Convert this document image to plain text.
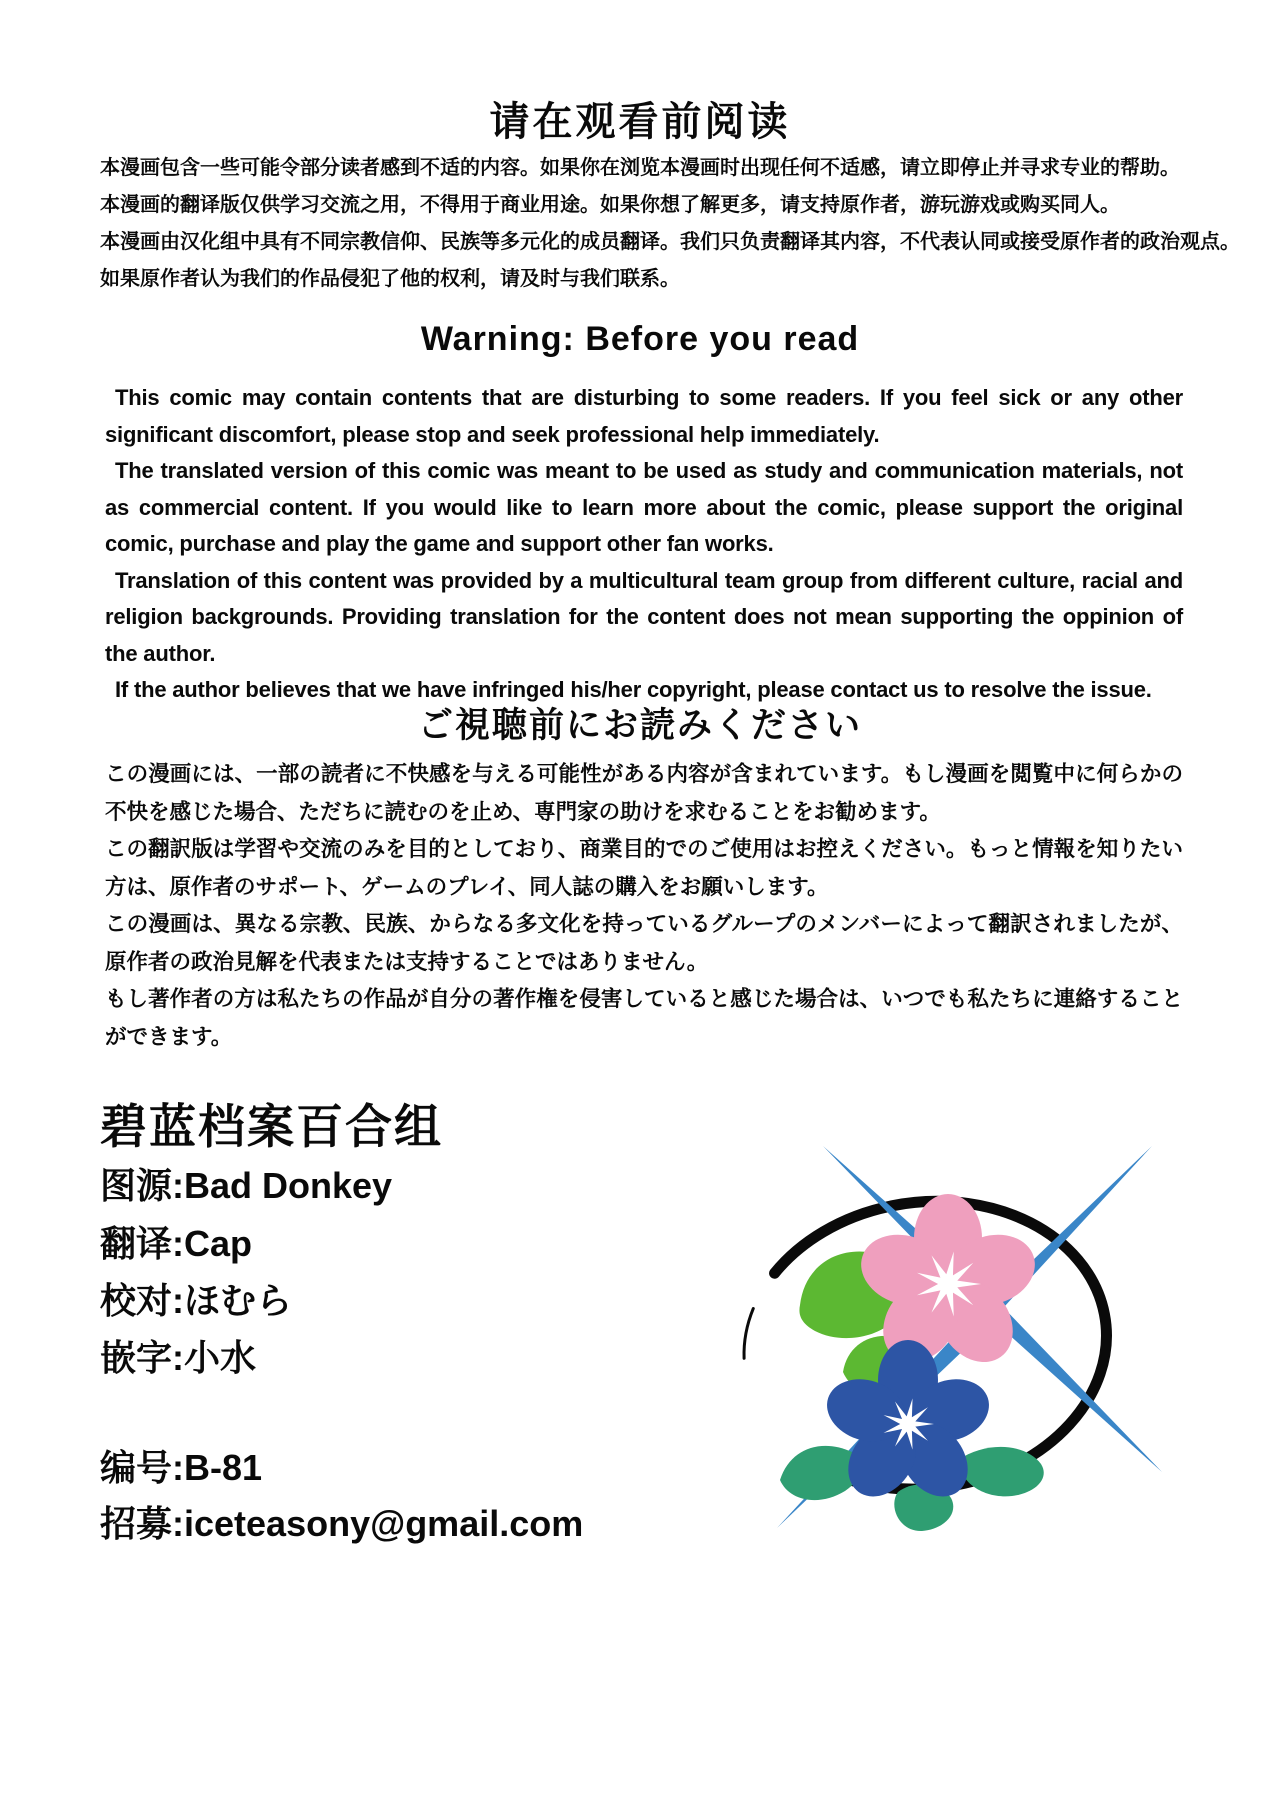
请在观看前阅读

本漫画包含一些可能令部分读者感到不适的内容。如果你在浏览本漫画时出现任何不适感，请立即停止并寻求专业的帮助。

本漫画的翻译版仅供学习交流之用，不得用于商业用途。如果你想了解更多，请支持原作者，游玩游戏或购买同人。

本漫画由汉化组中具有不同宗教信仰、民族等多元化的成员翻译。我们只负责翻译其内容，不代表认同或接受原作者的政治观点。

如果原作者认为我们的作品侵犯了他的权利，请及时与我们联系。

Warning: Before you read

This comic may contain contents that are disturbing to some readers. If you feel sick or any other significant discomfort, please stop and seek professional help immediately.

The translated version of this comic was meant to be used as study and communication materials, not as commercial content. If you would like to learn more about the comic, please support the original comic, purchase and play the game and support other fan works.

Translation of this content was provided by a multicultural team group from different culture, racial and religion backgrounds. Providing translation for the content does not mean supporting the oppinion of the author.

If the author believes that we have infringed his/her copyright, please contact us to resolve the issue.

ご視聴前にお読みください

この漫画には、一部の読者に不快感を与える可能性がある内容が含まれています。もし漫画を閲覧中に何らかの不快を感じた場合、ただちに読むのを止め、専門家の助けを求むることをお勧めます。

この翻訳版は学習や交流のみを目的としており、商業目的でのご使用はお控えください。もっと情報を知りたい方は、原作者のサポート、ゲームのプレイ、同人誌の購入をお願いします。

この漫画は、異なる宗教、民族、からなる多文化を持っているグループのメンバーによって翻訳されましたが、原作者の政治見解を代表または支持することではありません。

もし著作者の方は私たちの作品が自分の著作権を侵害していると感じた場合は、いつでも私たちに連絡することができます。

碧蓝档案百合组
图源:Bad Donkey
翻译:Cap
校对:ほむら
嵌字:小水
编号:B-81
招募:iceteasony@gmail.com
